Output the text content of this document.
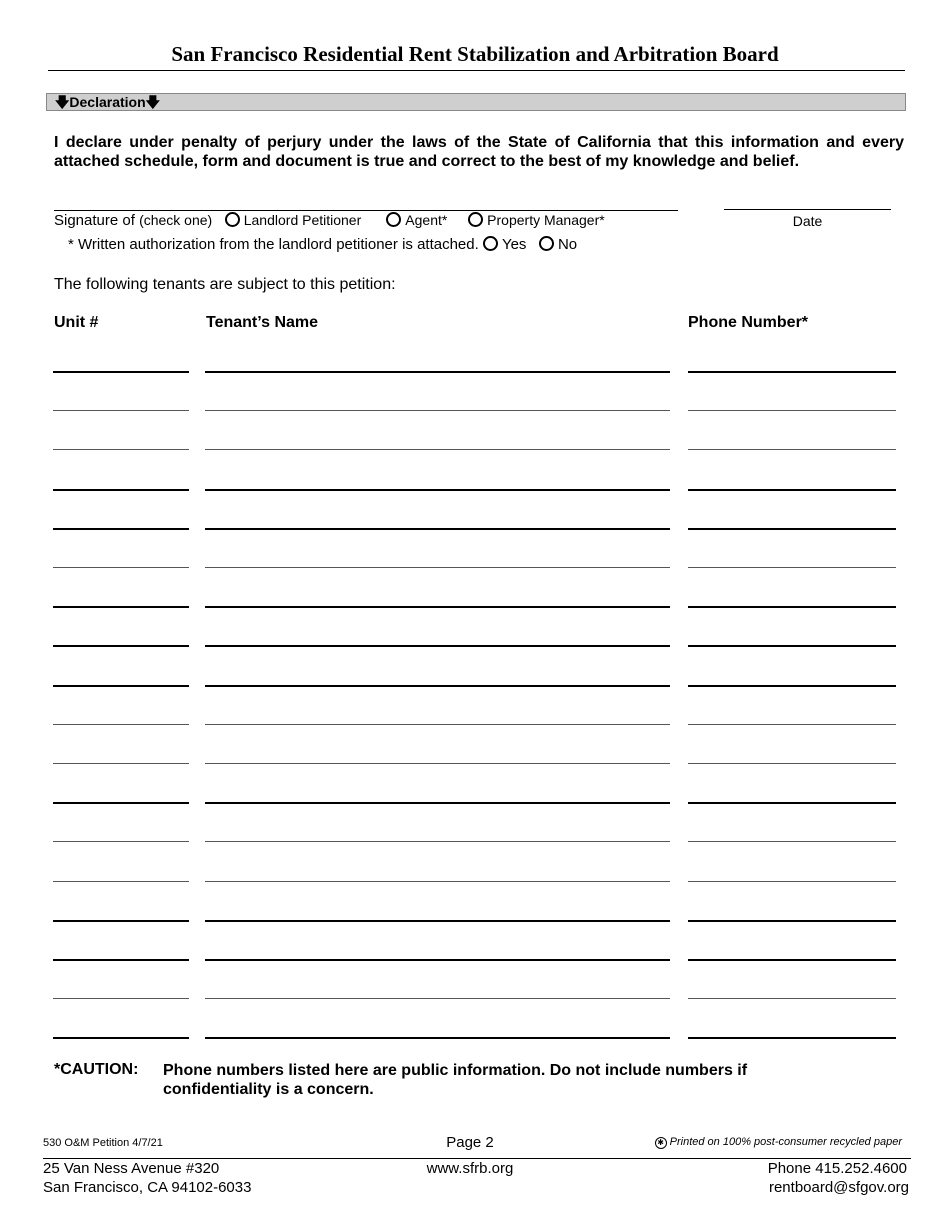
San Francisco Residential Rent Stabilization and Arbitration Board
🡇Declaration🡇
I declare under penalty of perjury under the laws of the State of California that this information and every attached schedule, form and document is true and correct to the best of my knowledge and belief.
Signature of (check one) Landlord Petitioner	Agent*	Property Manager*	Date
* Written authorization from the landlord petitioner is attached. Yes No
The following tenants are subject to this petition:
Unit #	Tenant’s Name	Phone Number*
*CAUTION: Phone numbers listed here are public information. Do not include numbers if confidentiality is a concern.
530 O&M Petition 4/7/21	Page 2	✱ Printed on 100% post-consumer recycled paper
25 Van Ness Avenue #320
San Francisco, CA 94102-6033
www.sfrb.org	Phone 415.252.4600
rentboard@sfgov.org
